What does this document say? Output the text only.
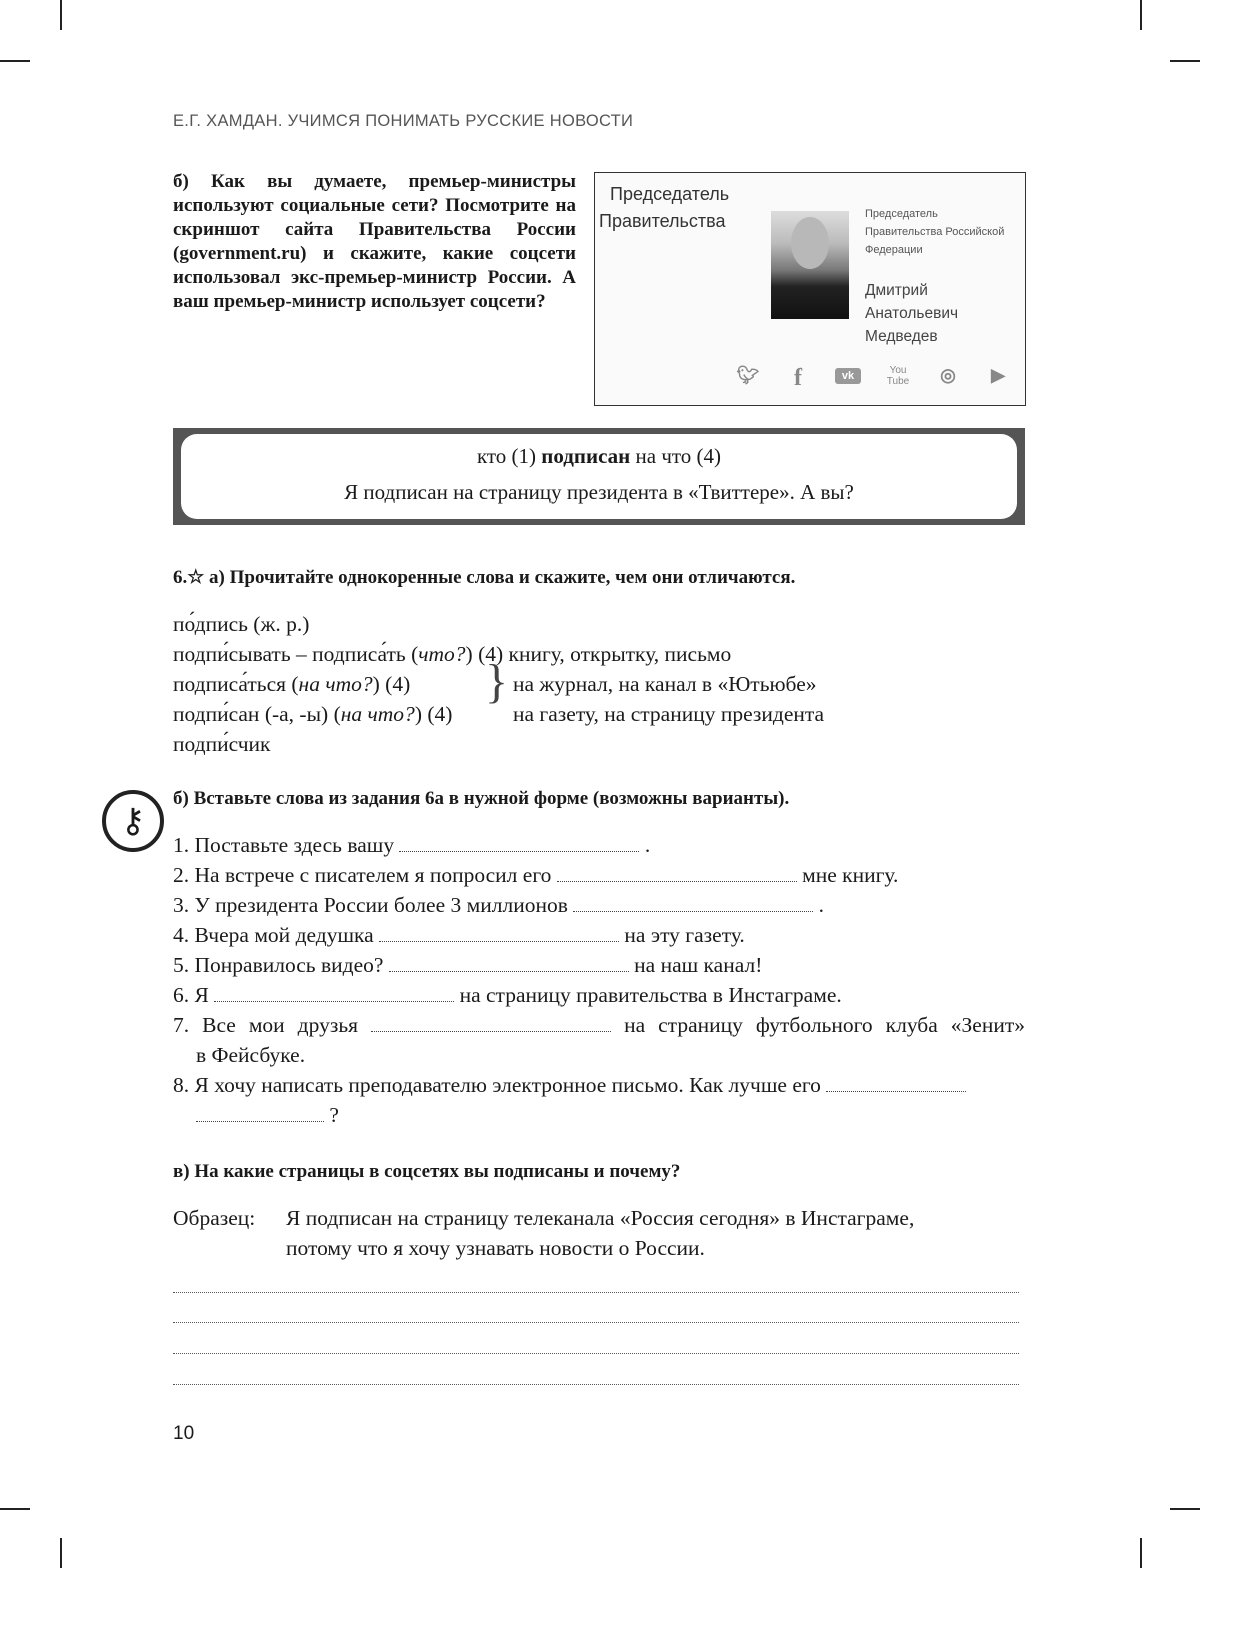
Е.Г. ХАМДАН. УЧИМСЯ ПОНИМАТЬ РУССКИЕ НОВОСТИ
б) Как вы думаете, премьер-министры используют социальные сети? Посмотрите на скриншот сайта Правительства России (government.ru) и скажите, какие соцсети использовал экс-премьер-министр России. А ваш премьер-министр использует соцсети?
Председатель
Правительства	Председатель
Правительства Российской
Федерации
Дмитрий
Анатольевич
Медведев
🐦︎	f	vk	You Tube ◎	▶
кто (1) подписан на что (4)
Я подписан на страницу президента в «Твиттере». А вы?
6.☆ а) Прочитайте однокоренные слова и скажите, чем они отличаются.
по́дпись (ж. р.)
подпи́сывать – подписа́ть (что?) (4) книгу, открытку, письмо
подписа́ться (на что?) (4)	на журнал, на канал в «Ютьюбе»
подпи́сан (-а, -ы) (на что?) (4)	на газету, на страницу президента
подпи́счик
}
⚷
б) Вставьте слова из задания 6а в нужной форме (возможны варианты).
1. Поставьте здесь вашу	.
2. На встрече с писателем я попросил его	мне книгу.
3. У президента России более 3 миллионов	.
4. Вчера мой дедушка	на эту газету.
5. Понравилось видео?	на наш канал!
6. Я	на страницу правительства в Инстаграме.
7. Все мои друзья	на страницу футбольного клуба «Зенит»
в Фейсбуке.
8. Я хочу написать преподавателю электронное письмо. Как лучше его
?
в) На какие страницы в соцсетях вы подписаны и почему?
Образец: Я подписан на страницу телеканала «Россия сегодня» в Инстаграме,
потому что я хочу узнавать новости о России.
10
